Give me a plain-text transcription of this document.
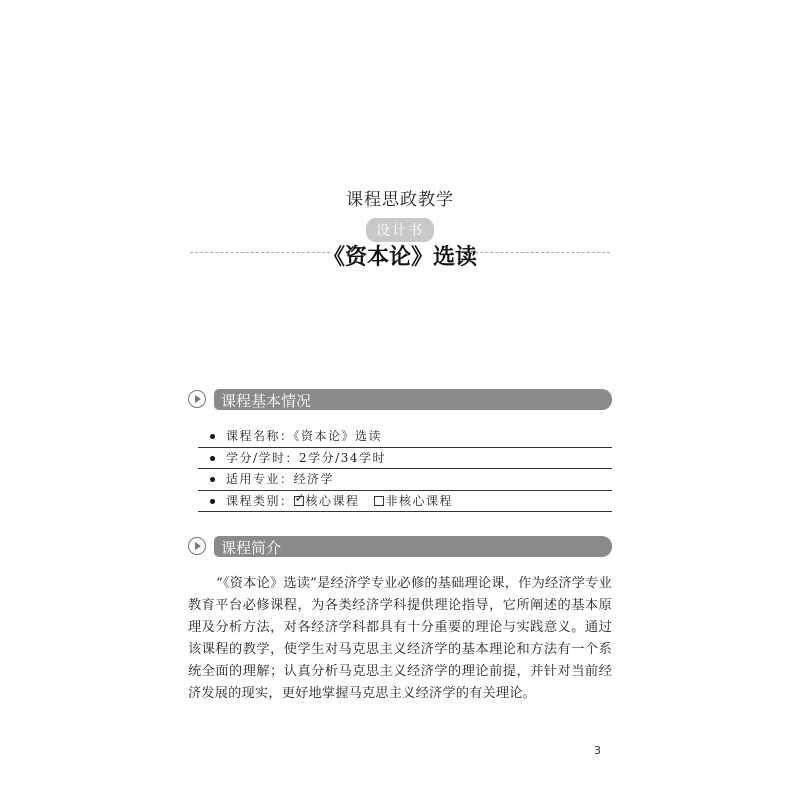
课程思政教学
设计书
《资本论》选读
课程基本情况
课程名称：《资本论》选读
学分/学时：2学分/34学时
适用专业：经济学
课程类别： ✓ 核心课程 非核心课程
课程简介
“《资本论》选读”是经济学专业必修的基础理论课，作为经济学专业教育平台必修课程，为各类经济学科提供理论指导，它所阐述的基本原理及分析方法，对各经济学科都具有十分重要的理论与实践意义。通过该课程的教学，使学生对马克思主义经济学的基本理论和方法有一个系统全面的理解；认真分析马克思主义经济学的理论前提，并针对当前经济发展的现实，更好地掌握马克思主义经济学的有关理论。
3
